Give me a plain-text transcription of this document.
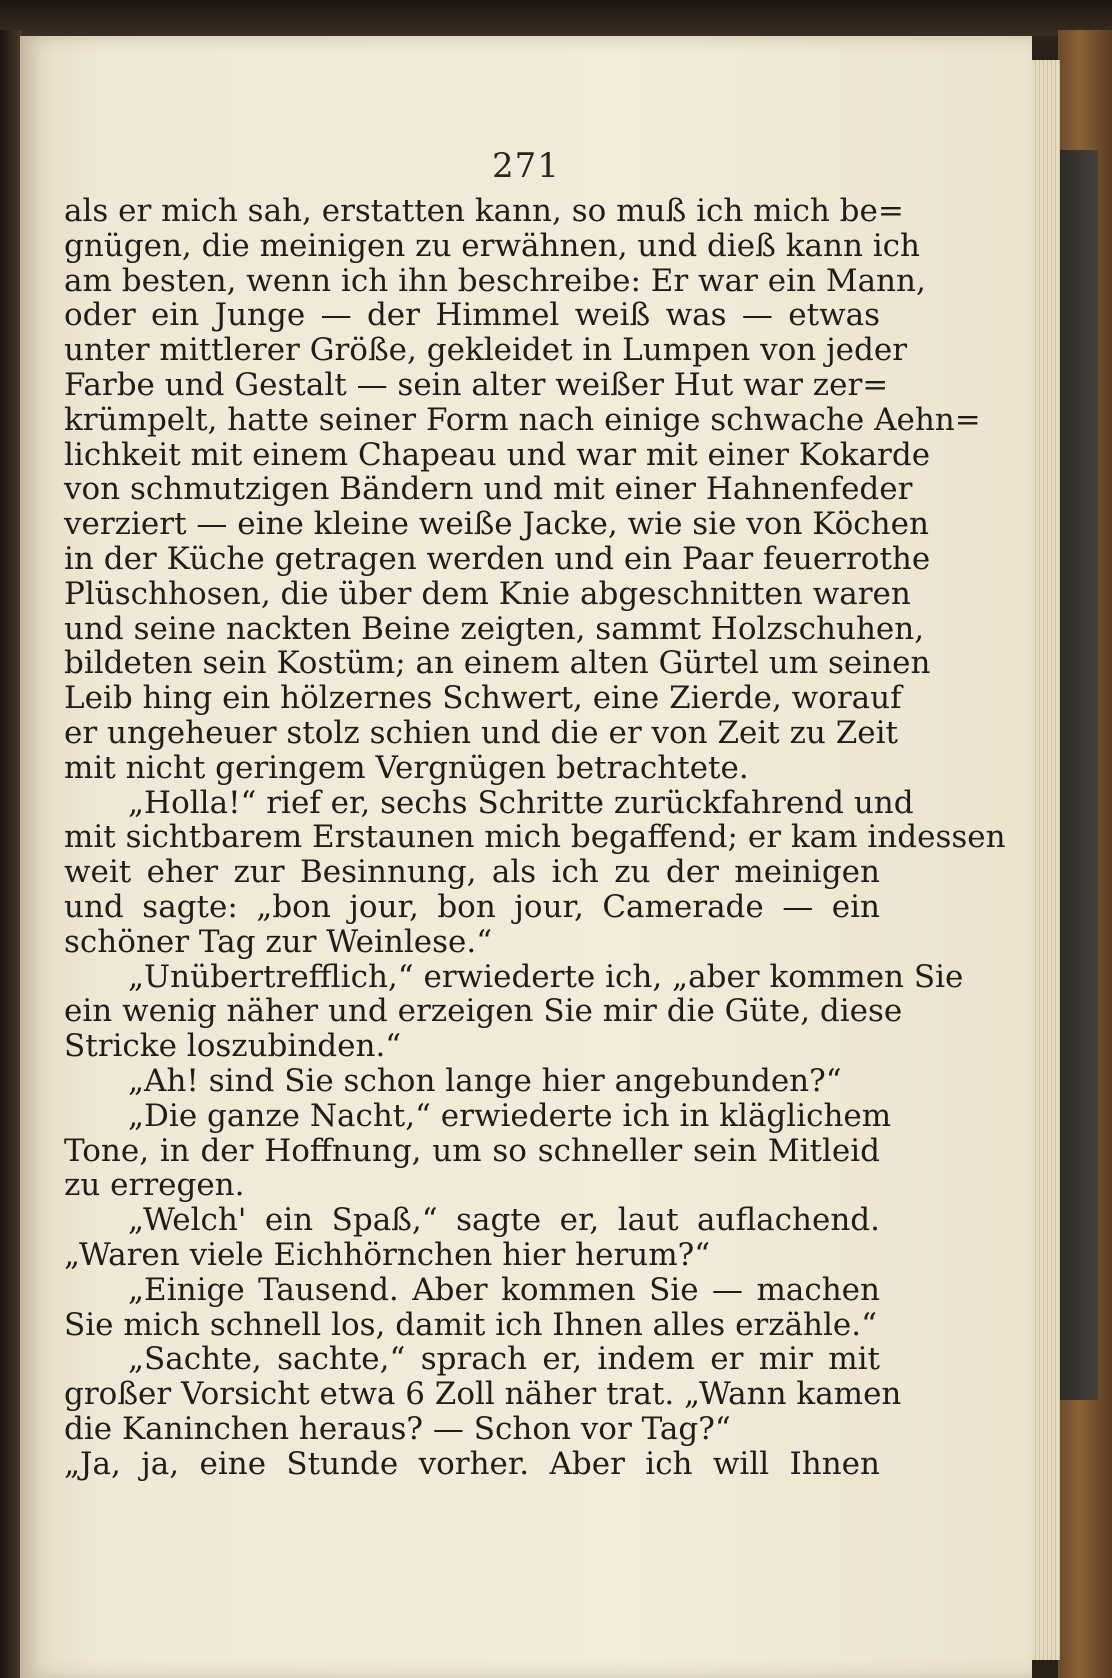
271
als er mich sah, erstatten kann, so muß ich mich be=
gnügen, die meinigen zu erwähnen, und dieß kann ich
am besten, wenn ich ihn beschreibe: Er war ein Mann,
oder ein Junge — der Himmel weiß was — etwas
unter mittlerer Größe, gekleidet in Lumpen von jeder
Farbe und Gestalt — sein alter weißer Hut war zer=
krümpelt, hatte seiner Form nach einige schwache Aehn=
lichkeit mit einem Chapeau und war mit einer Kokarde
von schmutzigen Bändern und mit einer Hahnenfeder
verziert — eine kleine weiße Jacke, wie sie von Köchen
in der Küche getragen werden und ein Paar feuerrothe
Plüschhosen, die über dem Knie abgeschnitten waren
und seine nackten Beine zeigten, sammt Holzschuhen,
bildeten sein Kostüm; an einem alten Gürtel um seinen
Leib hing ein hölzernes Schwert, eine Zierde, worauf
er ungeheuer stolz schien und die er von Zeit zu Zeit
mit nicht geringem Vergnügen betrachtete.
„Holla!“ rief er, sechs Schritte zurückfahrend und
mit sichtbarem Erstaunen mich begaffend; er kam indessen
weit eher zur Besinnung, als ich zu der meinigen
und sagte: „bon jour, bon jour, Camerade — ein
schöner Tag zur Weinlese.“
„Unübertrefflich,“ erwiederte ich, „aber kommen Sie
ein wenig näher und erzeigen Sie mir die Güte, diese
Stricke loszubinden.“
„Ah! sind Sie schon lange hier angebunden?“
„Die ganze Nacht,“ erwiederte ich in kläglichem
Tone, in der Hoffnung, um so schneller sein Mitleid
zu erregen.
„Welch' ein Spaß,“ sagte er, laut auflachend.
„Waren viele Eichhörnchen hier herum?“
„Einige Tausend. Aber kommen Sie — machen
Sie mich schnell los, damit ich Ihnen alles erzähle.“
„Sachte, sachte,“ sprach er, indem er mir mit
großer Vorsicht etwa 6 Zoll näher trat. „Wann kamen
die Kaninchen heraus? — Schon vor Tag?“
„Ja, ja, eine Stunde vorher. Aber ich will Ihnen
